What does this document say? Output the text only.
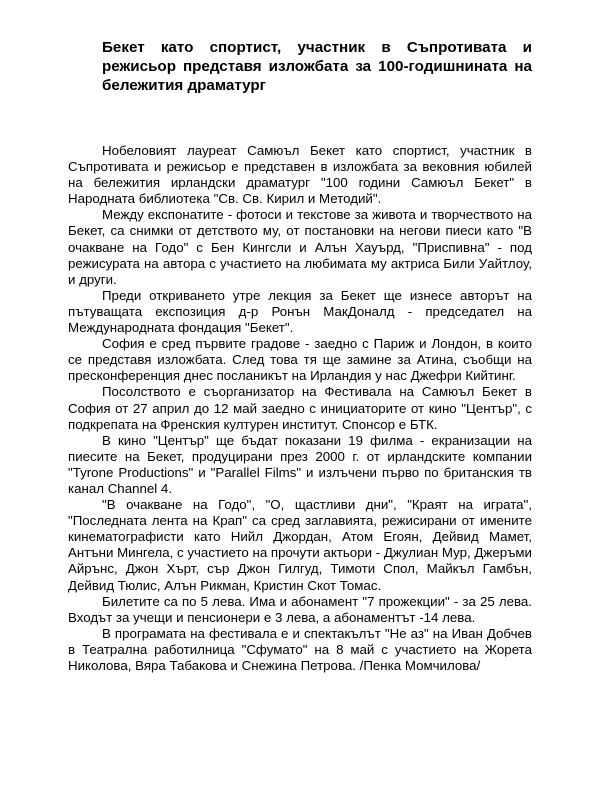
Бекет като спортист, участник в Съпротивата и режисьор представя изложбата за 100-годишнината на бележития драматург

Нобеловият лауреат Самюъл Бекет като спортист, участник в Съпротивата и режисьор е представен в изложбата за вековния юбилей на бележития ирландски драматург "100 години Самюъл Бекет" в Народната библиотека "Св. Св. Кирил и Методий".

Между експонатите - фотоси и текстове за живота и творчеството на Бекет, са снимки от детството му, от постановки на негови пиеси като "В очакване на Годо" с Бен Кингсли и Алън Хауърд, "Приспивна" - под режисурата на автора с участието на любимата му актриса Били Уайтлоу, и други.

Преди откриването утре лекция за Бекет ще изнесе авторът на пътуващата експозиция д-р Ронън МакДоналд - председател на Международната фондация "Бекет".

София е сред първите градове - заедно с Париж и Лондон, в които се представя изложбата. След това тя ще замине за Атина, съобщи на пресконференция днес посланикът на Ирландия у нас Джефри Кийтинг.

Посолството е съорганизатор на Фестивала на Самюъл Бекет в София от 27 април до 12 май заедно с инициаторите от кино "Център", с подкрепата на Френския културен институт. Спонсор е БТК.

В кино "Център" ще бъдат показани 19 филма - екранизации на пиесите на Бекет, продуцирани през 2000 г. от ирландските компании "Tyrone Productions" и "Parallel Films" и излъчени първо по британския тв канал Channel 4.

"В очакване на Годо", "О, щастливи дни", "Краят на играта", "Последната лента на Крап" са сред заглавията, режисирани от имените кинематографисти като Нийл Джордан, Атом Егоян, Дейвид Мамет, Антъни Мингела, с участието на прочути актьори - Джулиан Мур, Джеръми Айрънс, Джон Хърт, сър Джон Гилгуд, Тимоти Спол, Майкъл Гамбън, Дейвид Тюлис, Алън Рикман, Кристин Скот Томас.

Билетите са по 5 лева. Има и абонамент "7 прожекции" - за 25 лева. Входът за учещи и пенсионери е 3 лева, а абонаментът -14 лева.

В програмата на фестивала е и спектакълът "Не аз" на Иван Добчев в Театрална работилница "Сфумато" на 8 май с участието на Жорета Николова, Вяра Табакова и Снежина Петрова. /Пенка Момчилова/
